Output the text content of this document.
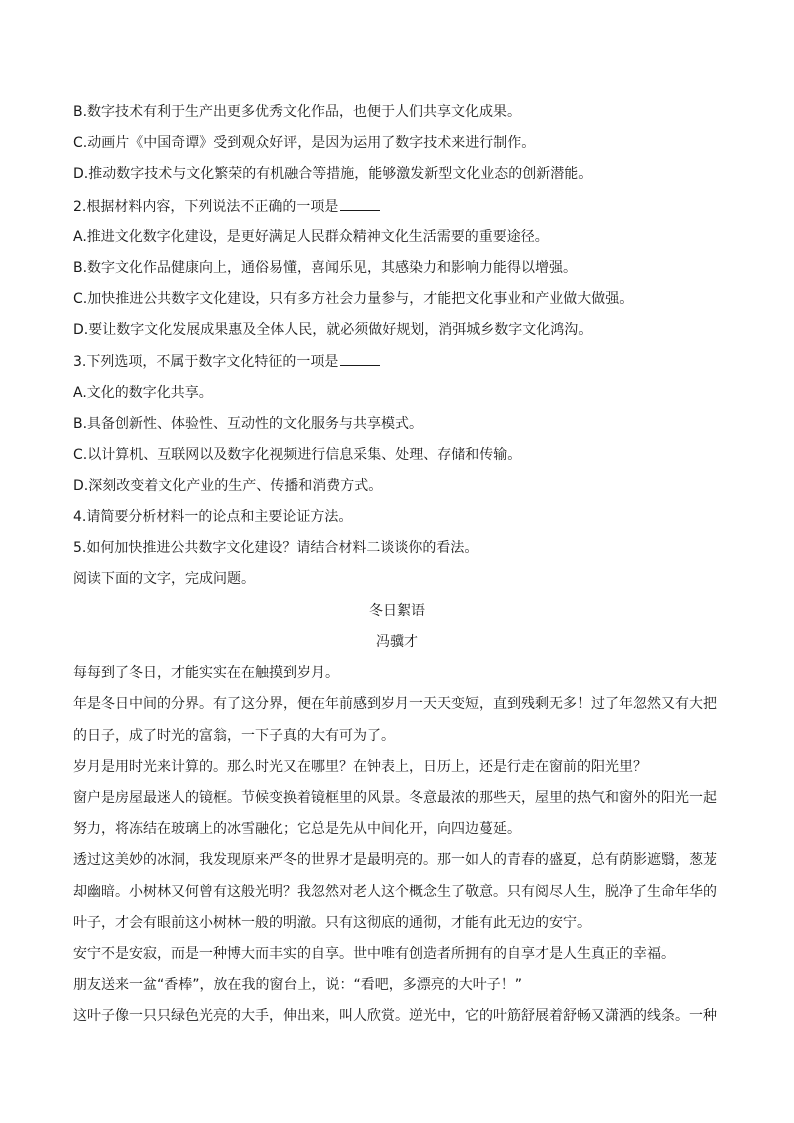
B.数字技术有利于生产出更多优秀文化作品，也便于人们共享文化成果。
C.动画片《中国奇谭》受到观众好评，是因为运用了数字技术来进行制作。
D.推动数字技术与文化繁荣的有机融合等措施，能够激发新型文化业态的创新潜能。
2.根据材料内容，下列说法不正确的一项是
A.推进文化数字化建设，是更好满足人民群众精神文化生活需要的重要途径。
B.数字文化作品健康向上，通俗易懂，喜闻乐见，其感染力和影响力能得以增强。
C.加快推进公共数字文化建设，只有多方社会力量参与，才能把文化事业和产业做大做强。
D.要让数字文化发展成果惠及全体人民，就必须做好规划，消弭城乡数字文化鸿沟。
3.下列选项，不属于数字文化特征的一项是
A.文化的数字化共享。
B.具备创新性、体验性、互动性的文化服务与共享模式。
C.以计算机、互联网以及数字化视频进行信息采集、处理、存储和传输。
D.深刻改变着文化产业的生产、传播和消费方式。
4.请简要分析材料一的论点和主要论证方法。
5.如何加快推进公共数字文化建设？请结合材料二谈谈你的看法。
阅读下面的文字，完成问题。
冬日絮语
冯骥才
每每到了冬日，才能实实在在触摸到岁月。
年是冬日中间的分界。有了这分界，便在年前感到岁月一天天变短，直到残剩无多！过了年忽然又有大把
的日子，成了时光的富翁，一下子真的大有可为了。
岁月是用时光来计算的。那么时光又在哪里？在钟表上，日历上，还是行走在窗前的阳光里？
窗户是房屋最迷人的镜框。节候变换着镜框里的风景。冬意最浓的那些天，屋里的热气和窗外的阳光一起
努力，将冻结在玻璃上的冰雪融化；它总是先从中间化开，向四边蔓延。
透过这美妙的冰洞，我发现原来严冬的世界才是最明亮的。那一如人的青春的盛夏，总有荫影遮翳，葱茏
却幽暗。小树林又何曾有这般光明？我忽然对老人这个概念生了敬意。只有阅尽人生，脱净了生命年华的
叶子，才会有眼前这小树林一般的明澈。只有这彻底的通彻，才能有此无边的安宁。
安宁不是安寂，而是一种博大而丰实的自享。世中唯有创造者所拥有的自享才是人生真正的幸福。
朋友送来一盆“香棒”，放在我的窗台上，说：“看吧，多漂亮的大叶子！”
这叶子像一只只绿色光亮的大手，伸出来，叫人欣赏。逆光中，它的叶筋舒展着舒畅又潇洒的线条。一种
